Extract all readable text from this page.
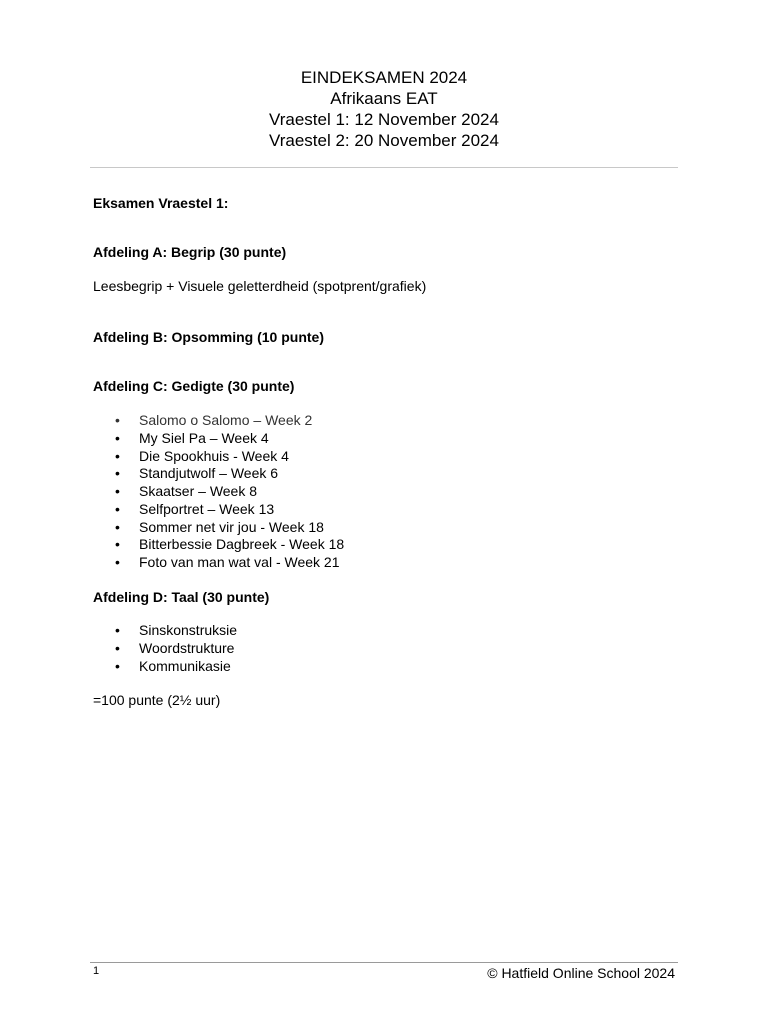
EINDEKSAMEN 2024
Afrikaans EAT
Vraestel 1: 12 November 2024
Vraestel 2: 20 November 2024
Eksamen Vraestel 1:
Afdeling A: Begrip (30 punte)
Leesbegrip + Visuele geletterdheid (spotprent/grafiek)
Afdeling B: Opsomming (10 punte)
Afdeling C: Gedigte (30 punte)
• Salomo o Salomo – Week 2
• My Siel Pa – Week 4
• Die Spookhuis - Week 4
• Standjutwolf – Week 6
• Skaatser – Week 8
• Selfportret – Week 13
• Sommer net vir jou - Week 18
• Bitterbessie Dagbreek - Week 18
• Foto van man wat val - Week 21
Afdeling D: Taal (30 punte)
• Sinskonstruksie
• Woordstrukture
• Kommunikasie
=100 punte (2½ uur)
1	© Hatfield Online School 2024
